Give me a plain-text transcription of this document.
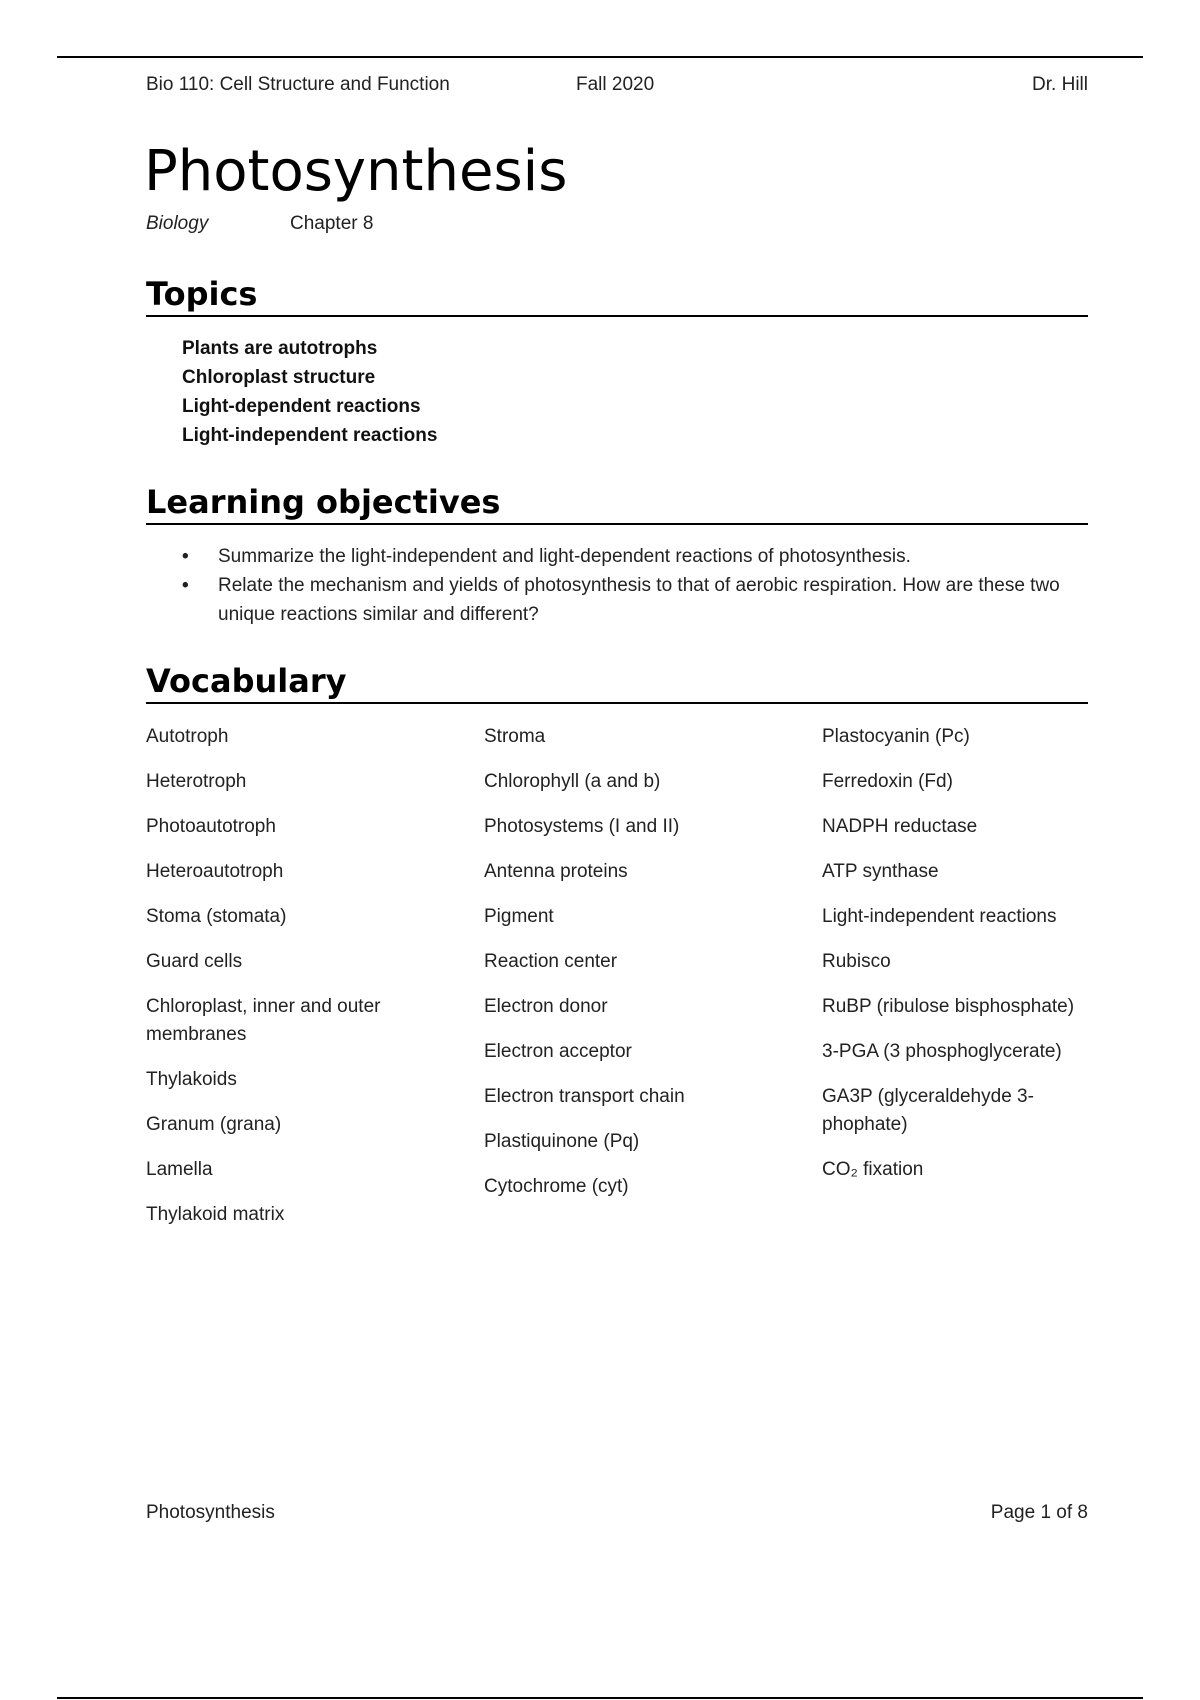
Bio 110: Cell Structure and Function	Fall 2020	Dr. Hill
Photosynthesis
Biology	Chapter 8
Topics
Plants are autotrophs
Chloroplast structure
Light-dependent reactions
Light-independent reactions
Learning objectives
• Summarize the light-independent and light-dependent reactions of photosynthesis.
• Relate the mechanism and yields of photosynthesis to that of aerobic respiration. How are these two unique reactions similar and different?
Vocabulary
Autotroph
Heterotroph
Photoautotroph
Heteroautotroph
Stoma (stomata)
Guard cells
Chloroplast, inner and outer membranes
Thylakoids
Granum (grana)
Lamella
Thylakoid matrix
Stroma
Chlorophyll (a and b)
Photosystems (I and II)
Antenna proteins
Pigment
Reaction center
Electron donor
Electron acceptor
Electron transport chain
Plastiquinone (Pq)
Cytochrome (cyt)
Plastocyanin (Pc)
Ferredoxin (Fd)
NADPH reductase
ATP synthase
Light-independent reactions
Rubisco
RuBP (ribulose bisphosphate)
3-PGA (3 phosphoglycerate)
GA3P (glyceraldehyde 3-phophate)
CO₂ fixation
Photosynthesis	Page 1 of 8
